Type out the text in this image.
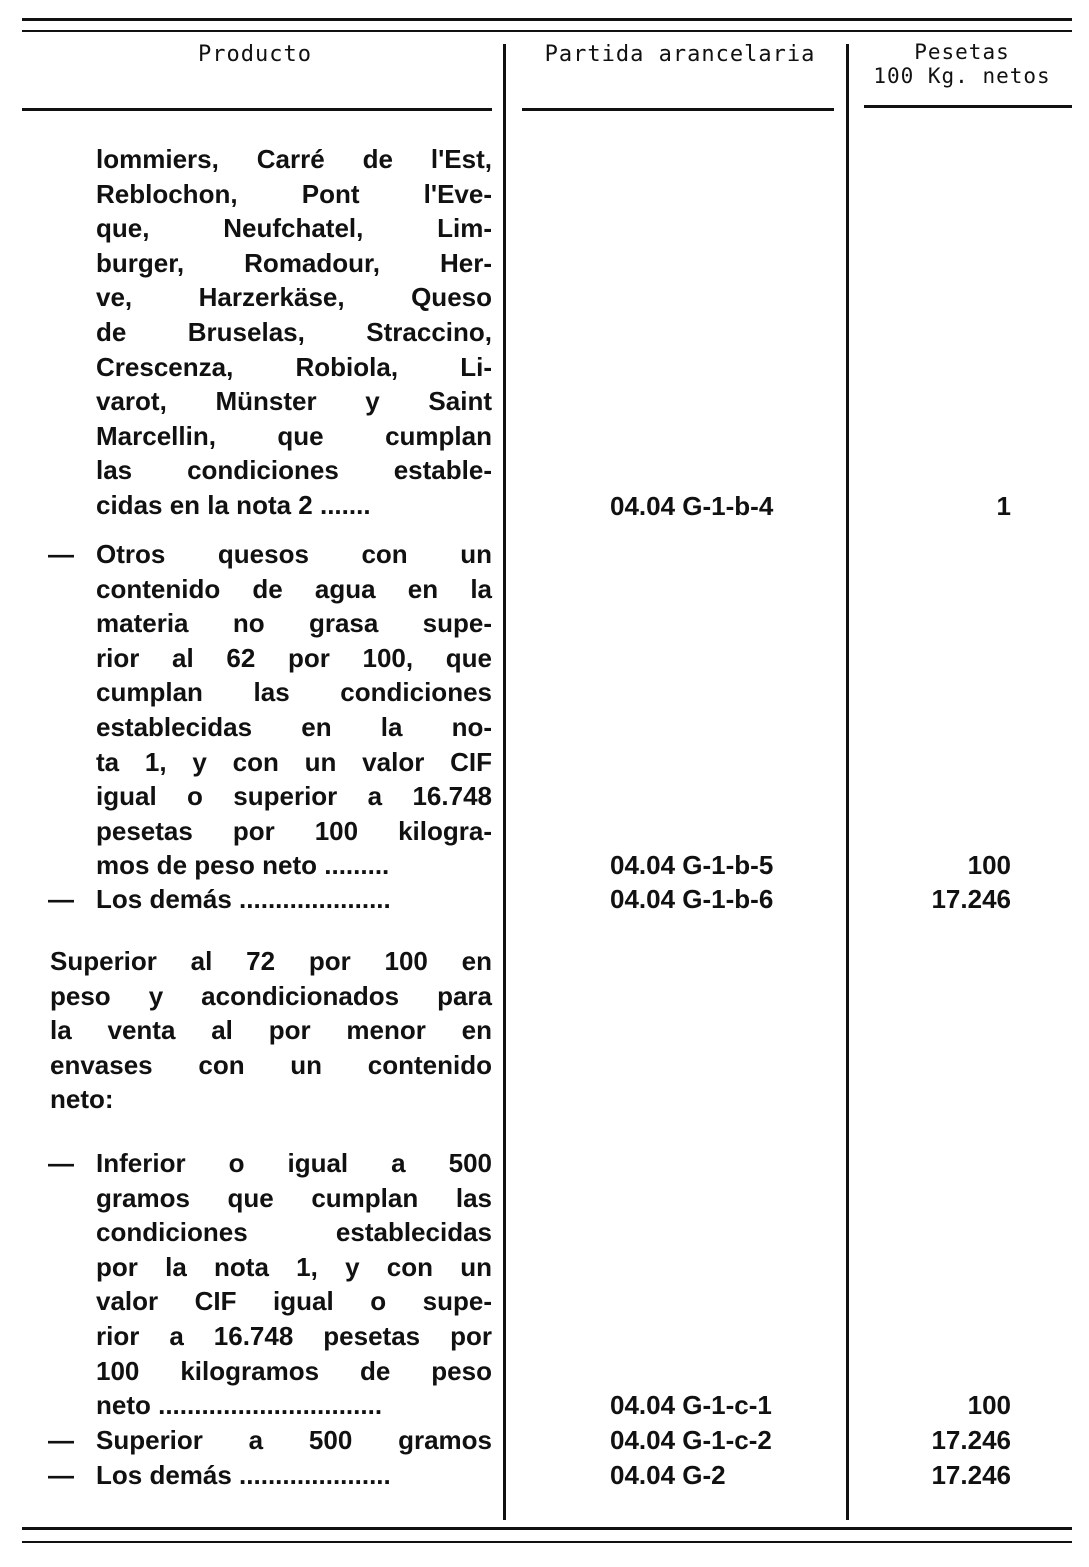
Producto	Partida arancelaria	Pesetas
100 Kg. netos
lommiers, Carré de l'Est,
Reblochon, Pont l'Eve-
que, Neufchatel, Lim-
burger, Romadour, Her-
ve, Harzerkäse, Queso
de Bruselas, Straccino,
Crescenza, Robiola, Li-
varot, Münster y Saint
Marcellin, que cumplan
las condiciones estable-
cidas en la nota 2 .......	04.04 G-1-b-4	1
— Otros quesos con un
contenido de agua en la
materia no grasa supe-
rior al 62 por 100, que
cumplan las condiciones
establecidas en la no-
ta 1, y con un valor CIF
igual o superior a 16.748
pesetas por 100 kilogra-
mos de peso neto .........	04.04 G-1-b-5	100
— Los demás .....................	04.04 G-1-b-6	17.246
Superior al 72 por 100 en
peso y acondicionados para
la venta al por menor en
envases con un contenido
neto:
— Inferior o igual a 500
gramos que cumplan las
condiciones establecidas
por la nota 1, y con un
valor CIF igual o supe-
rior a 16.748 pesetas por
100 kilogramos de peso
neto ...............................	04.04 G-1-c-1	100
— Superior a 500 gramos	04.04 G-1-c-2	17.246
— Los demás .....................	04.04 G-2	17.246
